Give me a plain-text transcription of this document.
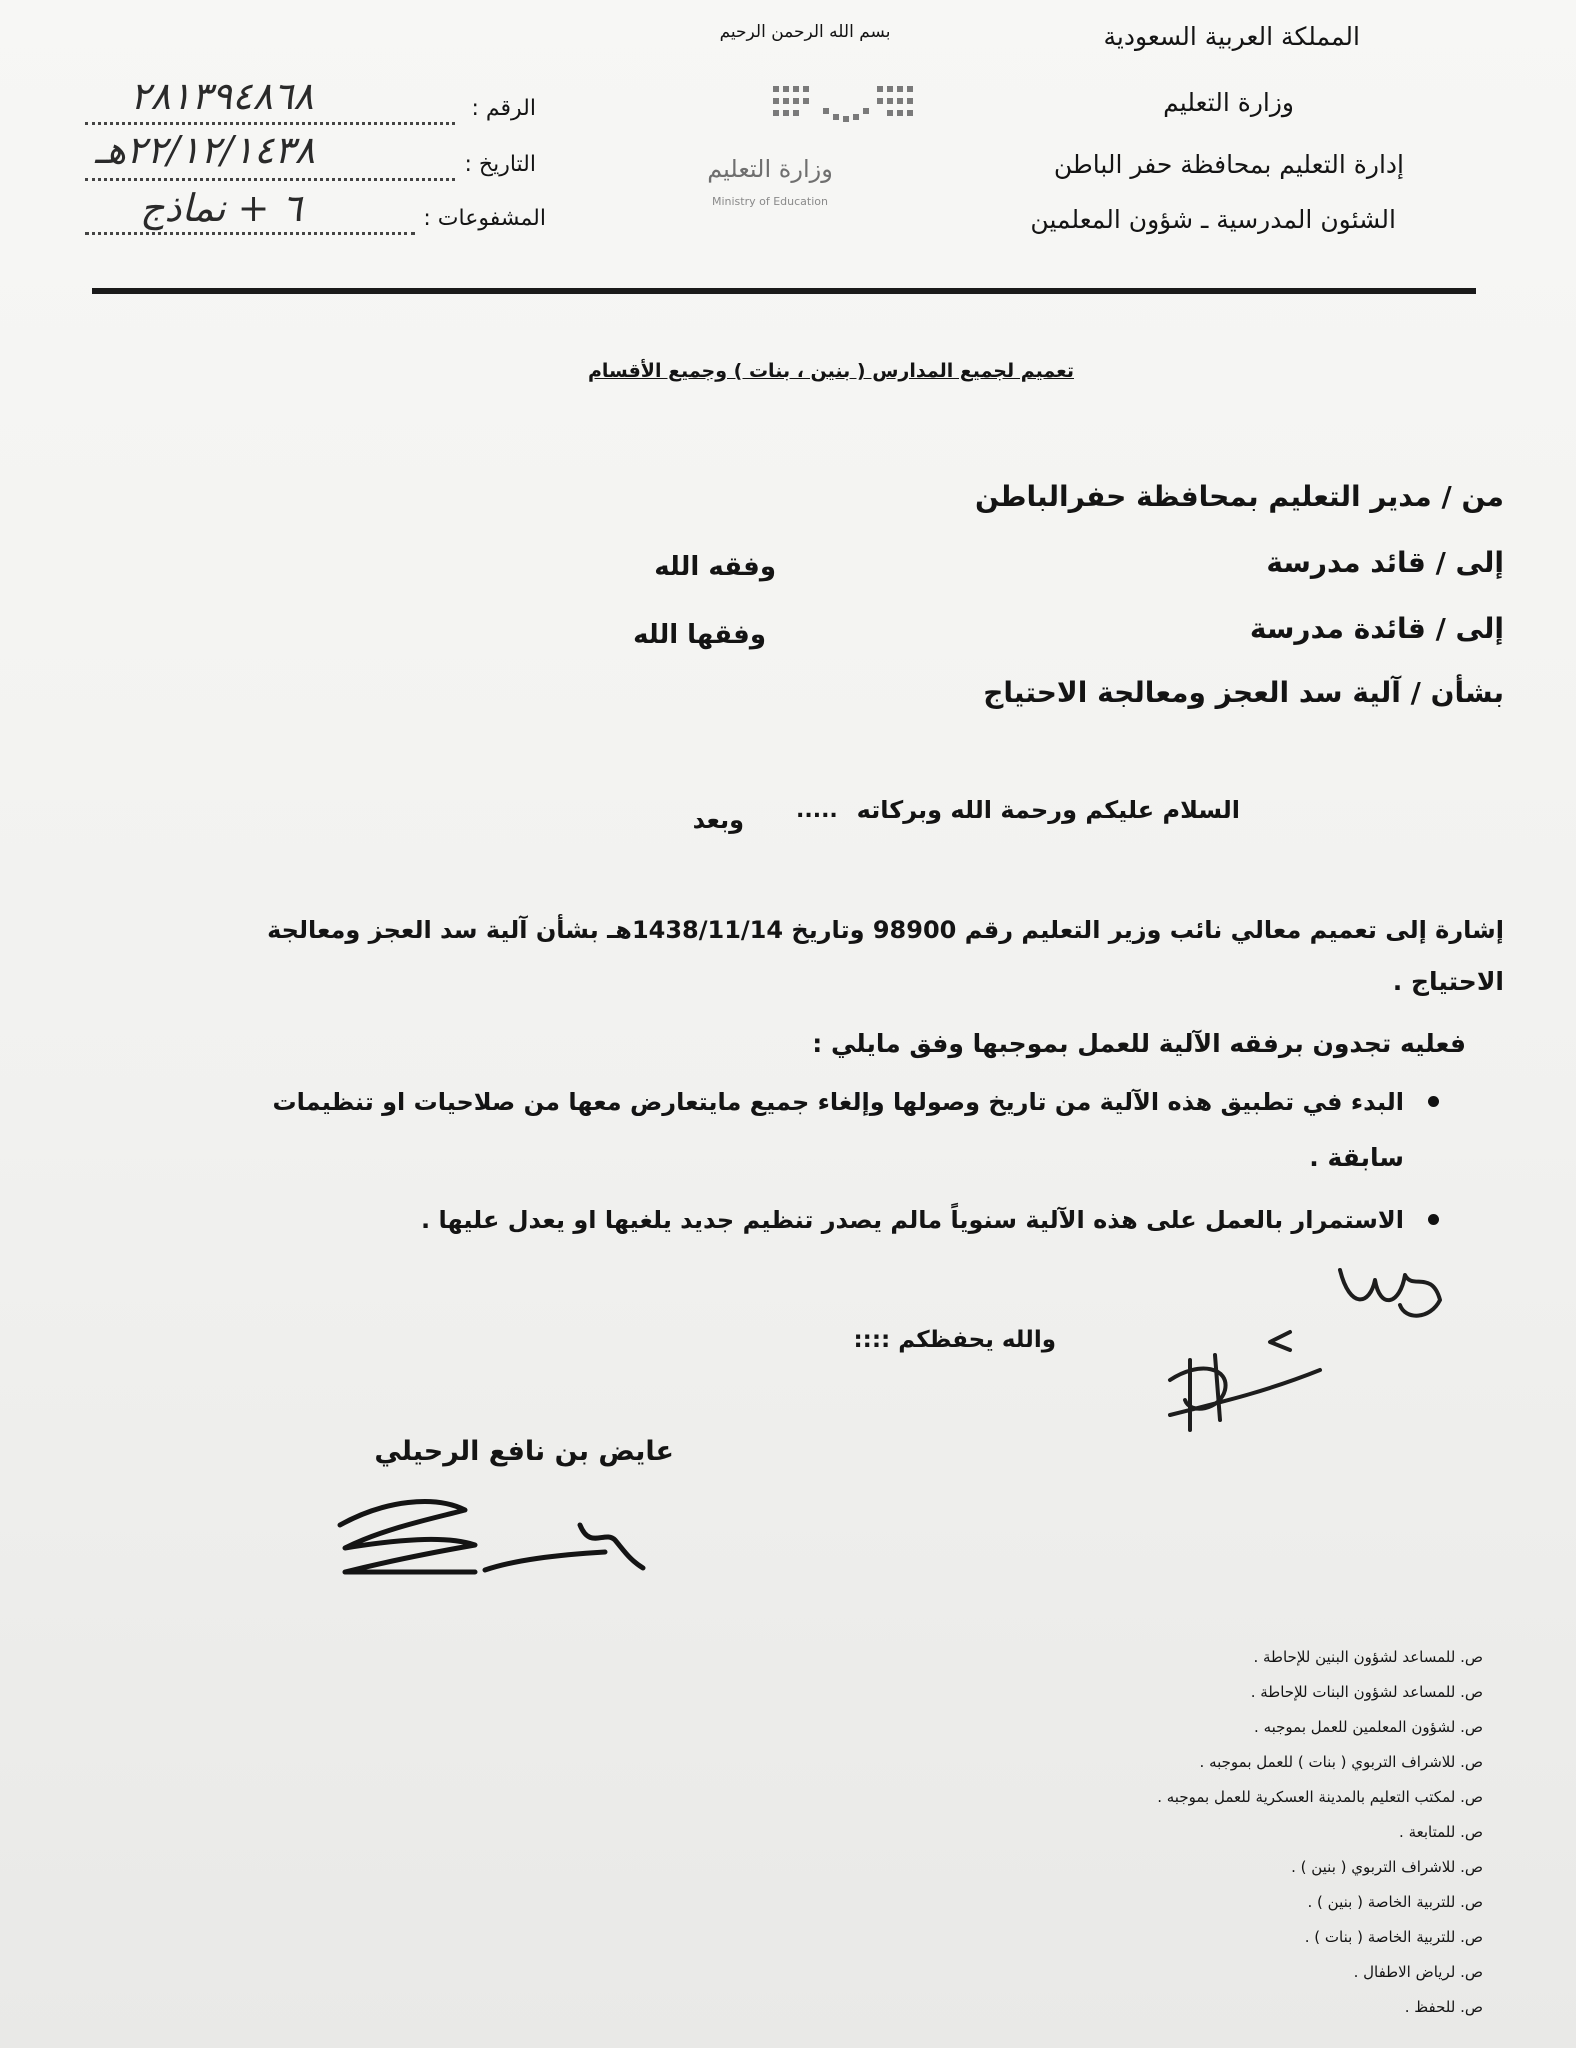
المملكة العربية السعودية
وزارة التعليم
إدارة التعليم بمحافظة حفر الباطن
الشئون المدرسية ـ شؤون المعلمين
بسم الله الرحمن الرحيم
وزارة التعليم
Ministry of Education
الرقم :
٢٨١٣٩٤٨٦٨
التاريخ :
٢٢/١٢/١٤٣٨هـ
المشفوعات :
٦ + نماذج
تعميم لجميع المدارس ( بنين ، بنات ) وجميع الأقسام
من / مدير التعليم بمحافظة حفرالباطن
إلى / قائد مدرسة
وفقه الله
إلى / قائدة مدرسة
وفقها الله
بشأن / آلية سد العجز ومعالجة الاحتياج
السلام عليكم ورحمة الله وبركاته
.....
وبعد
إشارة إلى تعميم معالي نائب وزير التعليم رقم 98900 وتاريخ 1438/11/14هـ بشأن آلية سد العجز ومعالجة
الاحتياج .
فعليه تجدون برفقه الآلية للعمل بموجبها وفق مايلي :
البدء في تطبيق هذه الآلية من تاريخ وصولها وإلغاء جميع مايتعارض معها من صلاحيات او تنظيمات
سابقة .
الاستمرار بالعمل على هذه الآلية سنوياً مالم يصدر تنظيم جديد يلغيها او يعدل عليها .
والله يحفظكم ::::
عايض بن نافع الرحيلي
ص. للمساعد لشؤون البنين للإحاطة .
ص. للمساعد لشؤون البنات للإحاطة .
ص. لشؤون المعلمين للعمل بموجبه .
ص. للاشراف التربوي ( بنات ) للعمل بموجبه .
ص. لمكتب التعليم بالمدينة العسكرية للعمل بموجبه .
ص. للمتابعة .
ص. للاشراف التربوي ( بنين ) .
ص. للتربية الخاصة ( بنين ) .
ص. للتربية الخاصة ( بنات ) .
ص. لرياض الاطفال .
ص. للحفظ .
